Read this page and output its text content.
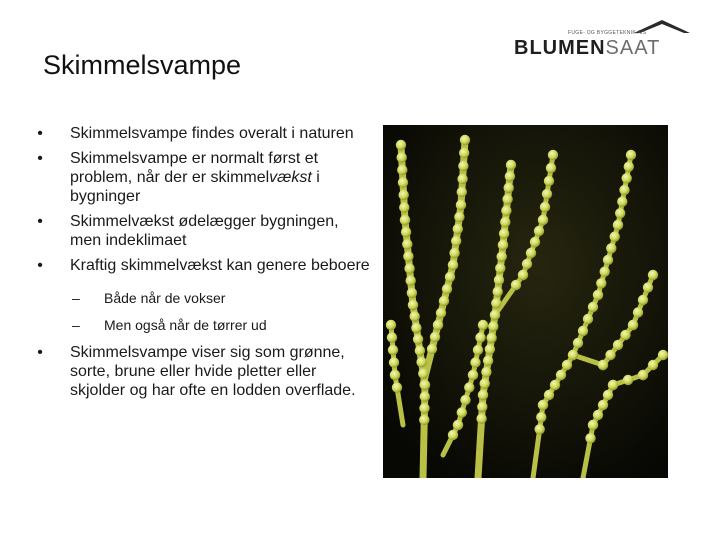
Skimmelsvampe
FUGE- OG BYGGETEKNIK A/S
BLUMENSAAT
•	Skimmelsvampe findes overalt i naturen
•	Skimmelsvampe er normalt først et problem, når der er skimmelvækst i bygninger
•	Skimmelvækst ødelægger bygningen, men indeklimaet
•	Kraftig skimmelvækst kan genere beboere
– Både når de vokser
– Men også når de tørrer ud
•	Skimmelsvampe viser sig som grønne, sorte, brune eller hvide pletter eller skjolder og har ofte en lodden overflade.
